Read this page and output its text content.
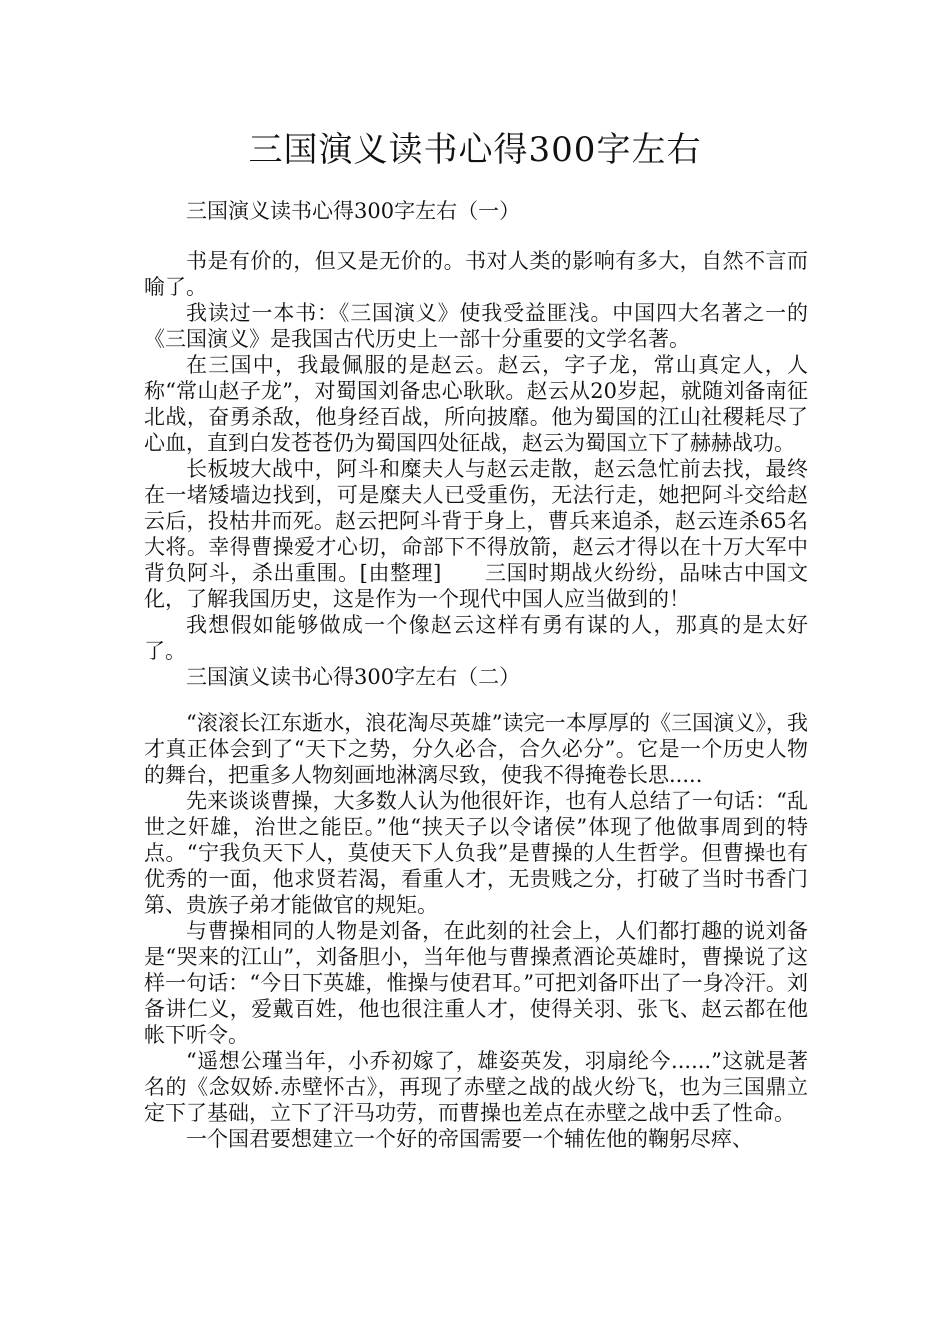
三国演义读书心得300字左右

三国演义读书心得300字左右（一）

书是有价的，但又是无价的。书对人类的影响有多大，自然不言而喻了。

我读过一本书：《三国演义》使我受益匪浅。中国四大名著之一的《三国演义》是我国古代历史上一部十分重要的文学名著。

在三国中，我最佩服的是赵云。赵云，字子龙，常山真定人，人称“常山赵子龙”，对蜀国刘备忠心耿耿。赵云从20岁起，就随刘备南征北战，奋勇杀敌，他身经百战，所向披靡。他为蜀国的江山社稷耗尽了心血，直到白发苍苍仍为蜀国四处征战，赵云为蜀国立下了赫赫战功。

长板坡大战中，阿斗和糜夫人与赵云走散，赵云急忙前去找，最终在一堵矮墙边找到，可是糜夫人已受重伤，无法行走，她把阿斗交给赵云后，投枯井而死。赵云把阿斗背于身上，曹兵来追杀，赵云连杀65名大将。幸得曹操爱才心切，命部下不得放箭，赵云才得以在十万大军中背负阿斗，杀出重围。[由整理]　　三国时期战火纷纷，品味古中国文化，了解我国历史，这是作为一个现代中国人应当做到的！

我想假如能够做成一个像赵云这样有勇有谋的人，那真的是太好了。

三国演义读书心得300字左右（二）

“滚滚长江东逝水，浪花淘尽英雄”读完一本厚厚的《三国演义》，我才真正体会到了“天下之势，分久必合，合久必分”。它是一个历史人物的舞台，把重多人物刻画地淋漓尽致，使我不得掩卷长思.....

先来谈谈曹操，大多数人认为他很奸诈，也有人总结了一句话：“乱世之奸雄，治世之能臣。”他“挟天子以令诸侯”体现了他做事周到的特点。“宁我负天下人，莫使天下人负我”是曹操的人生哲学。但曹操也有优秀的一面，他求贤若渴，看重人才，无贵贱之分，打破了当时书香门第、贵族子弟才能做官的规矩。

与曹操相同的人物是刘备，在此刻的社会上，人们都打趣的说刘备是“哭来的江山”，刘备胆小，当年他与曹操煮酒论英雄时，曹操说了这样一句话：“今日下英雄，惟操与使君耳。”可把刘备吓出了一身冷汗。刘备讲仁义，爱戴百姓，他也很注重人才，使得关羽、张飞、赵云都在他帐下听令。

“遥想公瑾当年，小乔初嫁了，雄姿英发，羽扇纶今......”这就是著名的《念奴娇.赤壁怀古》，再现了赤壁之战的战火纷飞，也为三国鼎立定下了基础，立下了汗马功劳，而曹操也差点在赤壁之战中丢了性命。

一个国君要想建立一个好的帝国需要一个辅佐他的鞠躬尽瘁、
